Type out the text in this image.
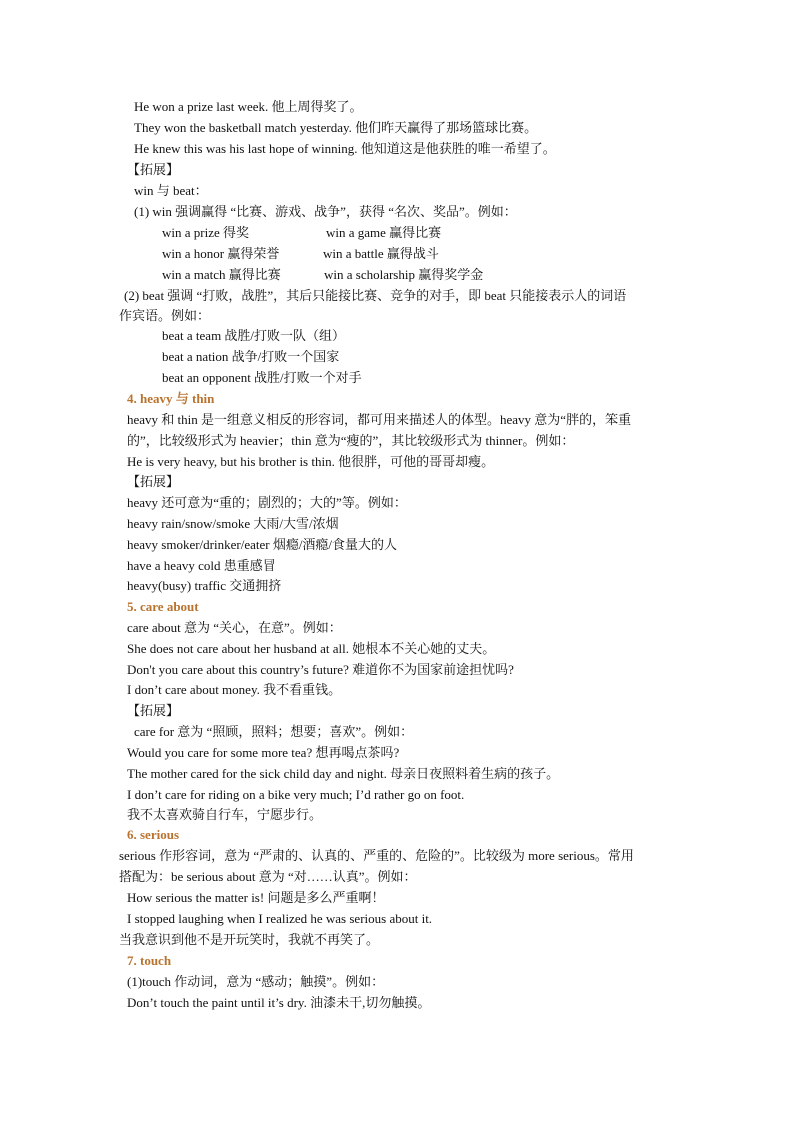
He won a prize last week. 他上周得奖了。
They won the basketball match yesterday. 他们昨天赢得了那场篮球比赛。
He knew this was his last hope of winning. 他知道这是他获胜的唯一希望了。
【拓展】
win 与 beat：
(1) win 强调赢得 “比赛、游戏、战争”，获得 “名次、奖品”。例如：
win a prize 得奖	win a game 赢得比赛
win a honor 赢得荣誉	win a battle 赢得战斗
win a match 赢得比赛	win a scholarship 赢得奖学金
(2) beat 强调 “打败，战胜”，其后只能接比赛、竞争的对手，即 beat 只能接表示人的词语
作宾语。例如：
beat a team 战胜/打败一队（组）
beat a nation 战争/打败一个国家
beat an opponent 战胜/打败一个对手
4. heavy 与 thin
heavy 和 thin 是一组意义相反的形容词，都可用来描述人的体型。heavy 意为“胖的，笨重
的”，比较级形式为 heavier；thin 意为“瘦的”，其比较级形式为 thinner。例如：
He is very heavy, but his brother is thin. 他很胖，可他的哥哥却瘦。
【拓展】
heavy 还可意为“重的；剧烈的；大的”等。例如：
heavy rain/snow/smoke 大雨/大雪/浓烟
heavy smoker/drinker/eater 烟瘾/酒瘾/食量大的人
have a heavy cold 患重感冒
heavy(busy) traffic 交通拥挤
5. care about
care about 意为 “关心，在意”。例如：
She does not care about her husband at all. 她根本不关心她的丈夫。
Don't you care about this country’s future? 难道你不为国家前途担忧吗?
I don’t care about money. 我不看重钱。
【拓展】
care for 意为 “照顾，照料；想要；喜欢”。例如：
Would you care for some more tea? 想再喝点茶吗?
The mother cared for the sick child day and night. 母亲日夜照料着生病的孩子。
I don’t care for riding on a bike very much; I’d rather go on foot.
我不太喜欢骑自行车，宁愿步行。
6. serious
serious 作形容词，意为 “严肃的、认真的、严重的、危险的”。比较级为 more serious。常用
搭配为：be serious about 意为 “对……认真”。例如：
How serious the matter is! 问题是多么严重啊！
I stopped laughing when I realized he was serious about it.
当我意识到他不是开玩笑时，我就不再笑了。
7. touch
(1)touch 作动词，意为 “感动；触摸”。例如：
Don’t touch the paint until it’s dry. 油漆未干,切勿触摸。
